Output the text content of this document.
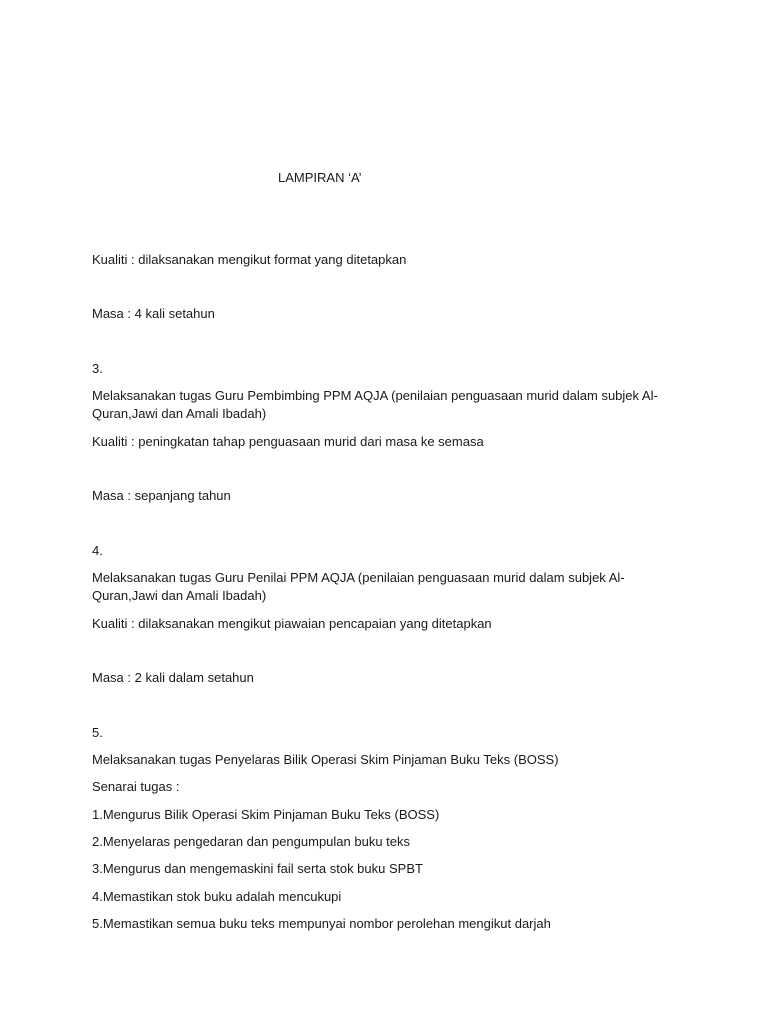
LAMPIRAN ‘A’
Kualiti : dilaksanakan mengikut format yang ditetapkan
Masa : 4 kali setahun
3.
Melaksanakan tugas Guru Pembimbing PPM AQJA (penilaian penguasaan murid dalam subjek Al-Quran,Jawi dan Amali Ibadah)
Kualiti : peningkatan tahap penguasaan murid dari masa ke semasa
Masa : sepanjang tahun
4.
Melaksanakan tugas Guru Penilai PPM AQJA (penilaian penguasaan murid dalam subjek Al-Quran,Jawi dan Amali Ibadah)
Kualiti : dilaksanakan mengikut piawaian pencapaian yang ditetapkan
Masa : 2 kali dalam setahun
5.
Melaksanakan tugas Penyelaras Bilik Operasi Skim Pinjaman Buku Teks (BOSS)
Senarai tugas :
1.Mengurus Bilik Operasi Skim Pinjaman Buku Teks (BOSS)
2.Menyelaras pengedaran dan pengumpulan buku teks
3.Mengurus dan mengemaskini fail serta stok buku SPBT
4.Memastikan stok buku adalah mencukupi
5.Memastikan semua buku teks mempunyai nombor perolehan mengikut darjah
